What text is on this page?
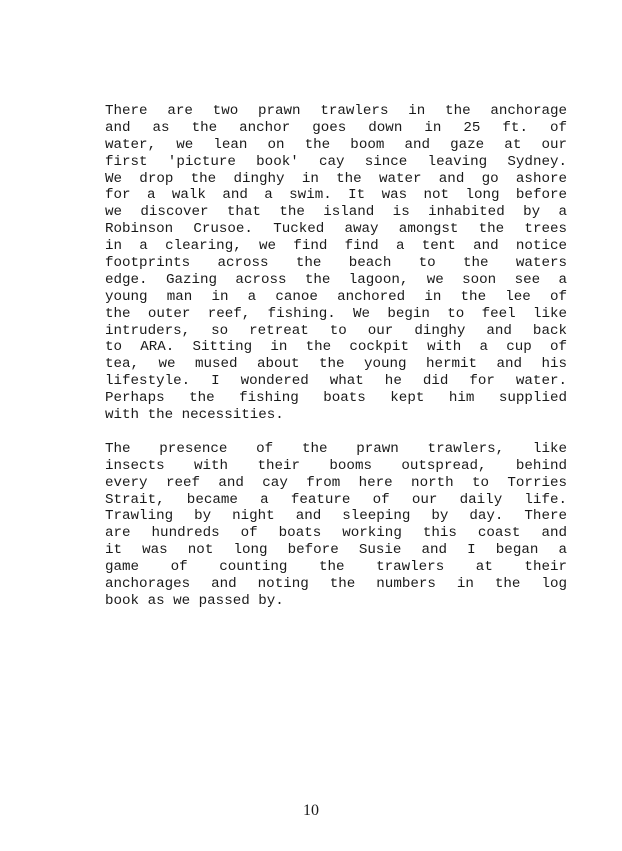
There are two prawn trawlers in the anchorage
and as the anchor goes down in 25 ft. of
water, we lean on the boom and gaze at our
first 'picture book' cay since leaving Sydney.
We drop the dinghy in the water and go ashore
for a walk and a swim. It was not long before
we discover that the island is inhabited by a
Robinson Crusoe. Tucked away amongst the trees
in a clearing, we find find a tent and notice
footprints across the beach to the waters
edge. Gazing across the lagoon, we soon see a
young man in a canoe anchored in the lee of
the outer reef, fishing. We begin to feel like
intruders, so retreat to our dinghy and back
to ARA. Sitting in the cockpit with a cup of
tea, we mused about the young hermit and his
lifestyle. I wondered what he did for water.
Perhaps the fishing boats kept him supplied
with the necessities.

The presence of the prawn trawlers, like
insects with their booms outspread, behind
every reef and cay from here north to Torries
Strait, became a feature of our daily life.
Trawling by night and sleeping by day. There
are hundreds of boats working this coast and
it was not long before Susie and I began a
game of counting the trawlers at their
anchorages and noting the numbers in the log
book as we passed by.

10
